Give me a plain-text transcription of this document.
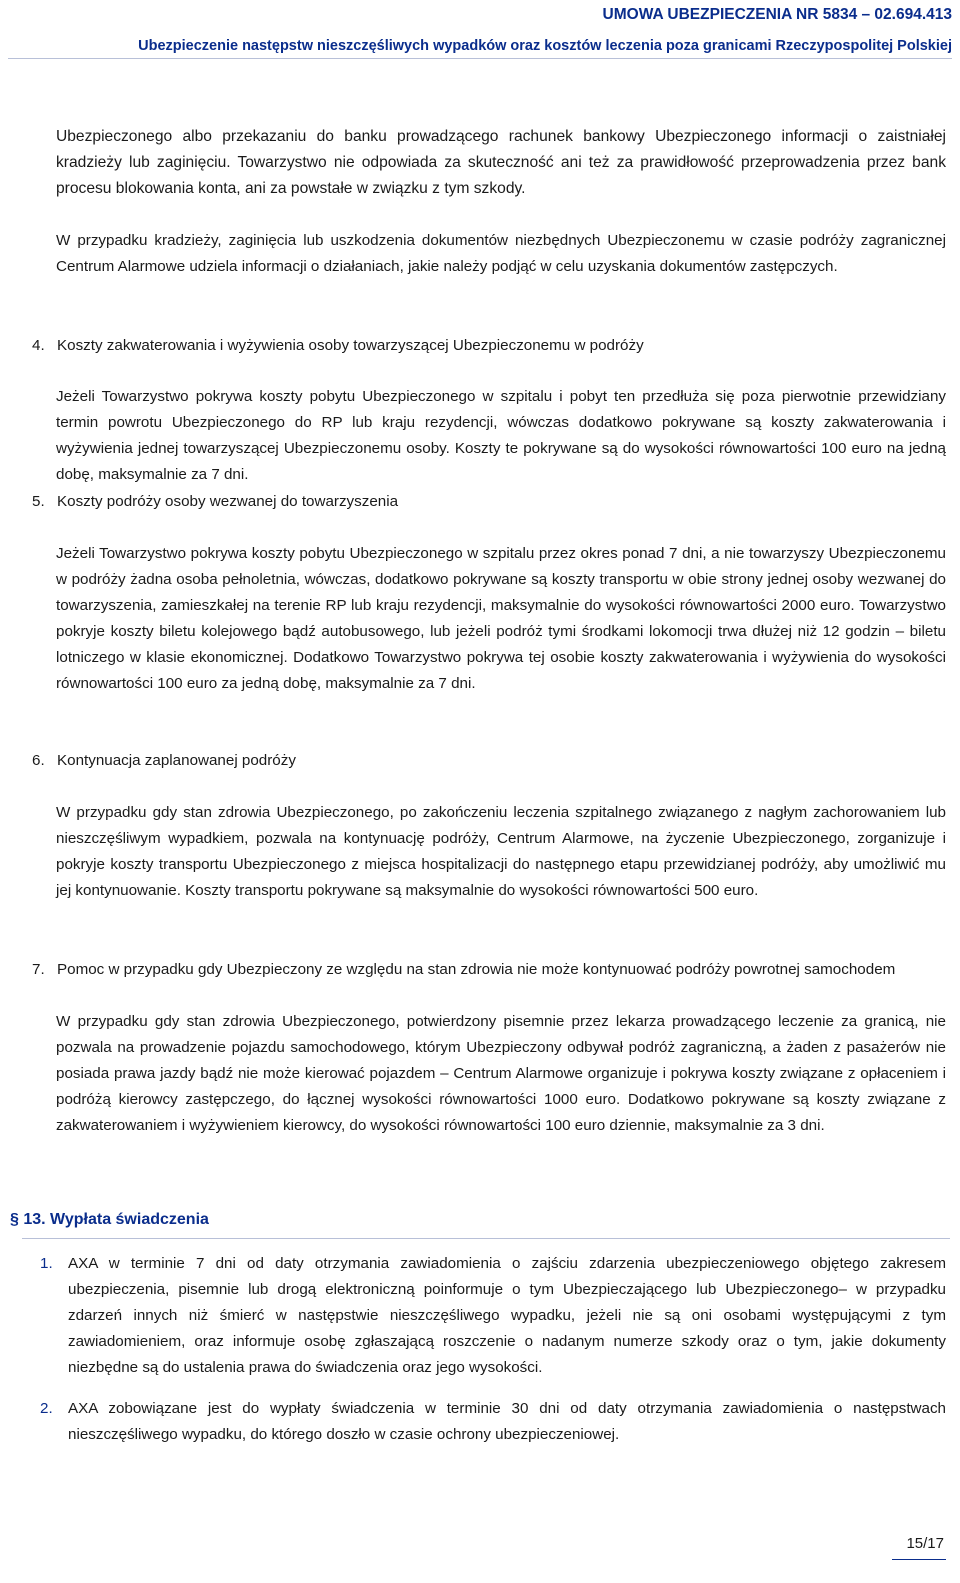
UMOWA UBEZPIECZENIA NR 5834 – 02.694.413
Ubezpieczenie następstw nieszczęśliwych wypadków oraz kosztów leczenia poza granicami Rzeczypospolitej Polskiej

Ubezpieczonego albo przekazaniu do banku prowadzącego rachunek bankowy Ubezpieczonego informacji o zaistniałej kradzieży lub zaginięciu. Towarzystwo nie odpowiada za skuteczność ani też za prawidłowość przeprowadzenia przez bank procesu blokowania konta, ani za powstałe w związku z tym szkody.

W przypadku kradzieży, zaginięcia lub uszkodzenia dokumentów niezbędnych Ubezpieczonemu w czasie podróży zagranicznej Centrum Alarmowe udziela informacji o działaniach, jakie należy podjąć w celu uzyskania dokumentów zastępczych.

4. Koszty zakwaterowania i wyżywienia osoby towarzyszącej Ubezpieczonemu w podróży

Jeżeli Towarzystwo pokrywa koszty pobytu Ubezpieczonego w szpitalu i pobyt ten przedłuża się poza pierwotnie przewidziany termin powrotu Ubezpieczonego do RP lub kraju rezydencji, wówczas dodatkowo pokrywane są koszty zakwaterowania i wyżywienia jednej towarzyszącej Ubezpieczonemu osoby. Koszty te pokrywane są do wysokości równowartości 100 euro na jedną dobę, maksymalnie za 7 dni.

5. Koszty podróży osoby wezwanej do towarzyszenia

Jeżeli Towarzystwo pokrywa koszty pobytu Ubezpieczonego w szpitalu przez okres ponad 7 dni, a nie towarzyszy Ubezpieczonemu w podróży żadna osoba pełnoletnia, wówczas, dodatkowo pokrywane są koszty transportu w obie strony jednej osoby wezwanej do towarzyszenia, zamieszkałej na terenie RP lub kraju rezydencji, maksymalnie do wysokości równowartości 2000 euro. Towarzystwo pokryje koszty biletu kolejowego bądź autobusowego, lub jeżeli podróż tymi środkami lokomocji trwa dłużej niż 12 godzin – biletu lotniczego w klasie ekonomicznej. Dodatkowo Towarzystwo pokrywa tej osobie koszty zakwaterowania i wyżywienia do wysokości równowartości 100 euro za jedną dobę, maksymalnie za 7 dni.

6. Kontynuacja zaplanowanej podróży

W przypadku gdy stan zdrowia Ubezpieczonego, po zakończeniu leczenia szpitalnego związanego z nagłym zachorowaniem lub nieszczęśliwym wypadkiem, pozwala na kontynuację podróży, Centrum Alarmowe, na życzenie Ubezpieczonego, zorganizuje i pokryje koszty transportu Ubezpieczonego z miejsca hospitalizacji do następnego etapu przewidzianej podróży, aby umożliwić mu jej kontynuowanie. Koszty transportu pokrywane są maksymalnie do wysokości równowartości 500 euro.

7. Pomoc w przypadku gdy Ubezpieczony ze względu na stan zdrowia nie może kontynuować podróży powrotnej samochodem

W przypadku gdy stan zdrowia Ubezpieczonego, potwierdzony pisemnie przez lekarza prowadzącego leczenie za granicą, nie pozwala na prowadzenie pojazdu samochodowego, którym Ubezpieczony odbywał podróż zagraniczną, a żaden z pasażerów nie posiada prawa jazdy bądź nie może kierować pojazdem – Centrum Alarmowe organizuje i pokrywa koszty związane z opłaceniem i podróżą kierowcy zastępczego, do łącznej wysokości równowartości 1000 euro. Dodatkowo pokrywane są koszty związane z zakwaterowaniem i wyżywieniem kierowcy, do wysokości równowartości 100 euro dziennie, maksymalnie za 3 dni.

§ 13. Wypłata świadczenia
1. AXA w terminie 7 dni od daty otrzymania zawiadomienia o zajściu zdarzenia ubezpieczeniowego objętego zakresem ubezpieczenia, pisemnie lub drogą elektroniczną poinformuje o tym Ubezpieczającego lub Ubezpieczonego– w przypadku zdarzeń innych niż śmierć w następstwie nieszczęśliwego wypadku, jeżeli nie są oni osobami występującymi z tym zawiadomieniem, oraz informuje osobę zgłaszającą roszczenie o nadanym numerze szkody oraz o tym, jakie dokumenty niezbędne są do ustalenia prawa do świadczenia oraz jego wysokości.

2. AXA zobowiązane jest do wypłaty świadczenia w terminie 30 dni od daty otrzymania zawiadomienia o następstwach nieszczęśliwego wypadku, do którego doszło w czasie ochrony ubezpieczeniowej.

15/17
